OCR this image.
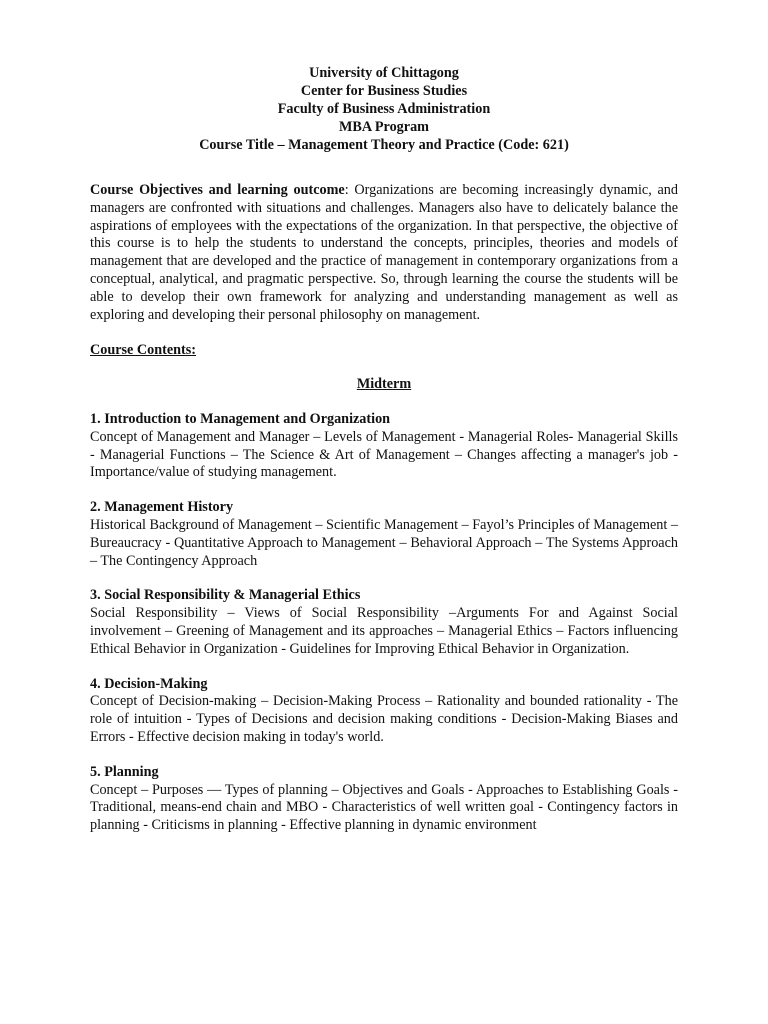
University of Chittagong
Center for Business Studies
Faculty of Business Administration
MBA Program
Course Title – Management Theory and Practice (Code: 621)
Course Objectives and learning outcome: Organizations are becoming increasingly dynamic, and managers are confronted with situations and challenges. Managers also have to delicately balance the aspirations of employees with the expectations of the organization. In that perspective, the objective of this course is to help the students to understand the concepts, principles, theories and models of management that are developed and the practice of management in contemporary organizations from a conceptual, analytical, and pragmatic perspective. So, through learning the course the students will be able to develop their own framework for analyzing and understanding management as well as exploring and developing their personal philosophy on management.
Course Contents:
Midterm
1. Introduction to Management and Organization
Concept of Management and Manager – Levels of Management - Managerial Roles- Managerial Skills - Managerial Functions – The Science & Art of Management – Changes affecting a manager's job - Importance/value of studying management.
2. Management History
Historical Background of Management – Scientific Management – Fayol’s Principles of Management – Bureaucracy - Quantitative Approach to Management – Behavioral Approach – The Systems Approach – The Contingency Approach
3. Social Responsibility & Managerial Ethics
Social Responsibility – Views of Social Responsibility –Arguments For and Against Social involvement – Greening of Management and its approaches – Managerial Ethics – Factors influencing Ethical Behavior in Organization - Guidelines for Improving Ethical Behavior in Organization.
4. Decision-Making
Concept of Decision-making – Decision-Making Process – Rationality and bounded rationality - The role of intuition - Types of Decisions and decision making conditions - Decision-Making Biases and Errors - Effective decision making in today's world.
5. Planning
Concept – Purposes — Types of planning – Objectives and Goals - Approaches to Establishing Goals - Traditional, means-end chain and MBO - Characteristics of well written goal - Contingency factors in planning - Criticisms in planning - Effective planning in dynamic environment
